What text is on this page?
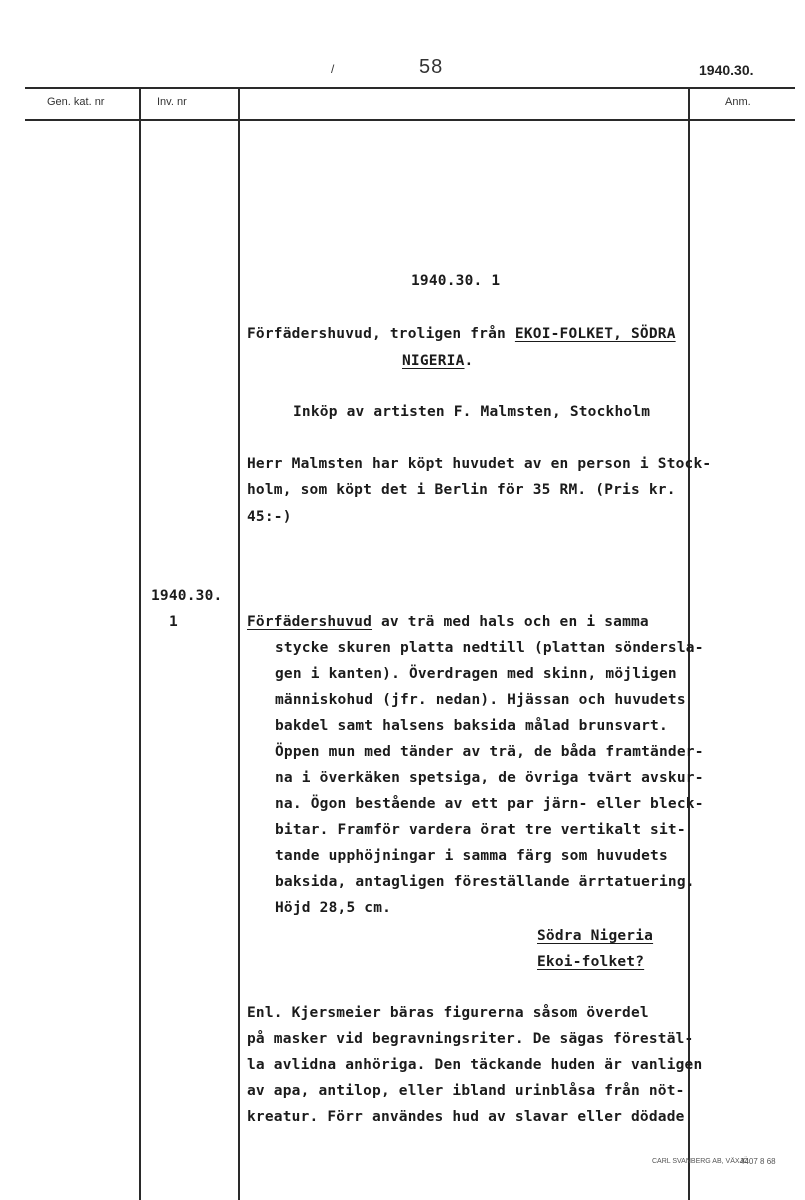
/	58	1940.30.
Gen. kat. nr	Inv. nr	Anm.
1940.30. 1
Förfädershuvud, troligen från EKOI-FOLKET, SÖDRA
NIGERIA.
Inköp av artisten F. Malmsten, Stockholm
Herr Malmsten har köpt huvudet av en person i Stock-
holm, som köpt det i Berlin för 35 RM. (Pris kr.
45:-)
1940.30.
1	Förfädershuvud av trä med hals och en i samma
stycke skuren platta nedtill (plattan söndersla-
gen i kanten). Överdragen med skinn, möjligen
människohud (jfr. nedan). Hjässan och huvudets
bakdel samt halsens baksida målad brunsvart.
Öppen mun med tänder av trä, de båda framtänder-
na i överkäken spetsiga, de övriga tvärt avskur-
na. Ögon bestående av ett par järn- eller bleck-
bitar. Framför vardera örat tre vertikalt sit-
tande upphöjningar i samma färg som huvudets
baksida, antagligen föreställande ärrtatuering.
Höjd 28,5 cm.
Södra Nigeria
Ekoi-folket?
Enl. Kjersmeier bäras figurerna såsom överdel
på masker vid begravningsriter. De sägas förestäl-
la avlidna anhöriga. Den täckande huden är vanligen
av apa, antilop, eller ibland urinblåsa från nöt-
kreatur. Förr användes hud av slavar eller dödade
CARL SVANBERG AB, VÄXJÖ
4407 8 68
